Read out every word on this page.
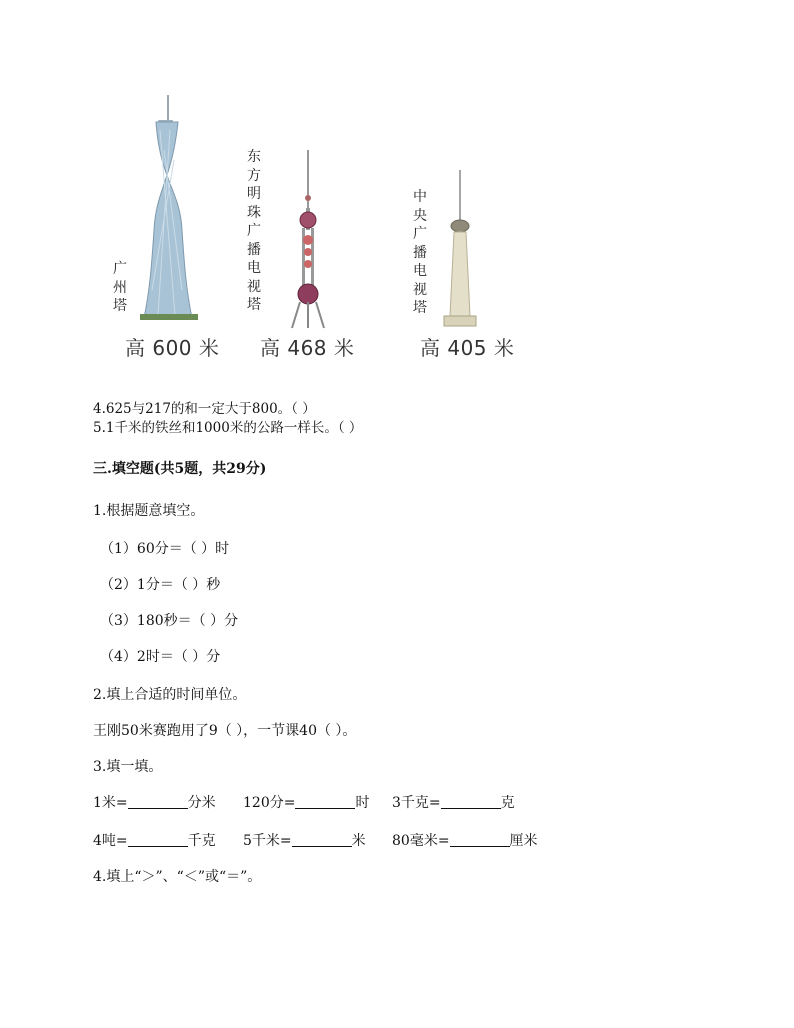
广
州
塔
东
方
明
珠
广
播
电
视
塔
中
央
广
播
电
视
塔
高 600 米 高 468 米	高 405 米
4.625与217的和一定大于800。（ ）
5.1千米的铁丝和1000米的公路一样长。（ ）
三.填空题(共5题，共29分)
1.根据题意填空。
（1）60分＝（ ）时
（2）1分＝（ ）秒
（3）180秒＝（ ）分
（4）2时＝（ ）分
2.填上合适的时间单位。
王刚50米赛跑用了9（ ），一节课40（ ）。
3.填一填。
1米=	分米 120分=	时 3千克=	克
4吨=	千克 5千米=	米 80毫米=	厘米
4.填上“＞”、“＜”或“＝”。
